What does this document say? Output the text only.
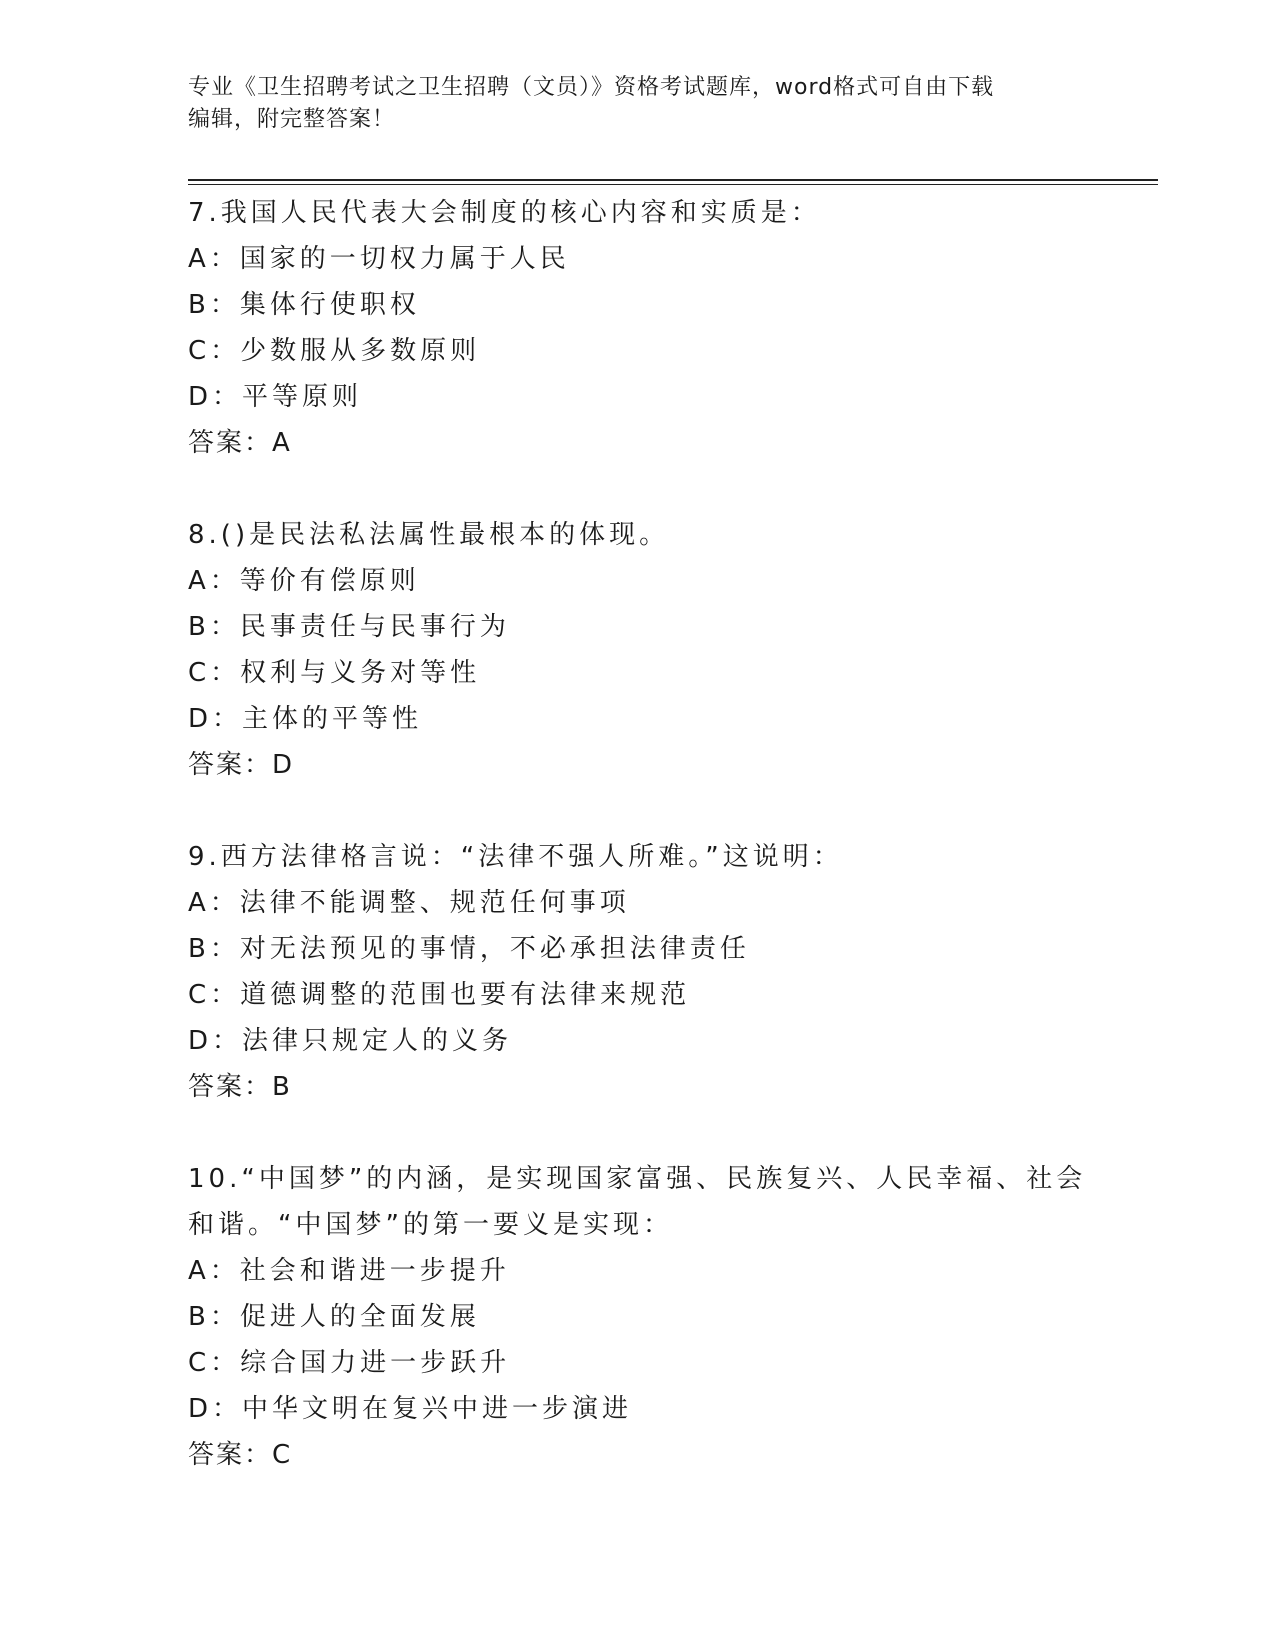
专业《卫生招聘考试之卫生招聘（文员）》资格考试题库，word格式可自由下载
编辑，附完整答案！
7.我国人民代表大会制度的核心内容和实质是：
A：国家的一切权力属于人民
B：集体行使职权
C：少数服从多数原则
D：平等原则
答案：A
8.()是民法私法属性最根本的体现。
A：等价有偿原则
B：民事责任与民事行为
C：权利与义务对等性
D：主体的平等性
答案：D
9.西方法律格言说：“法律不强人所难。”这说明：
A：法律不能调整、规范任何事项
B：对无法预见的事情，不必承担法律责任
C：道德调整的范围也要有法律来规范
D：法律只规定人的义务
答案：B
10.“中国梦”的内涵，是实现国家富强、民族复兴、人民幸福、社会和谐。“中国梦”的第一要义是实现：
A：社会和谐进一步提升
B：促进人的全面发展
C：综合国力进一步跃升
D：中华文明在复兴中进一步演进
答案：C
